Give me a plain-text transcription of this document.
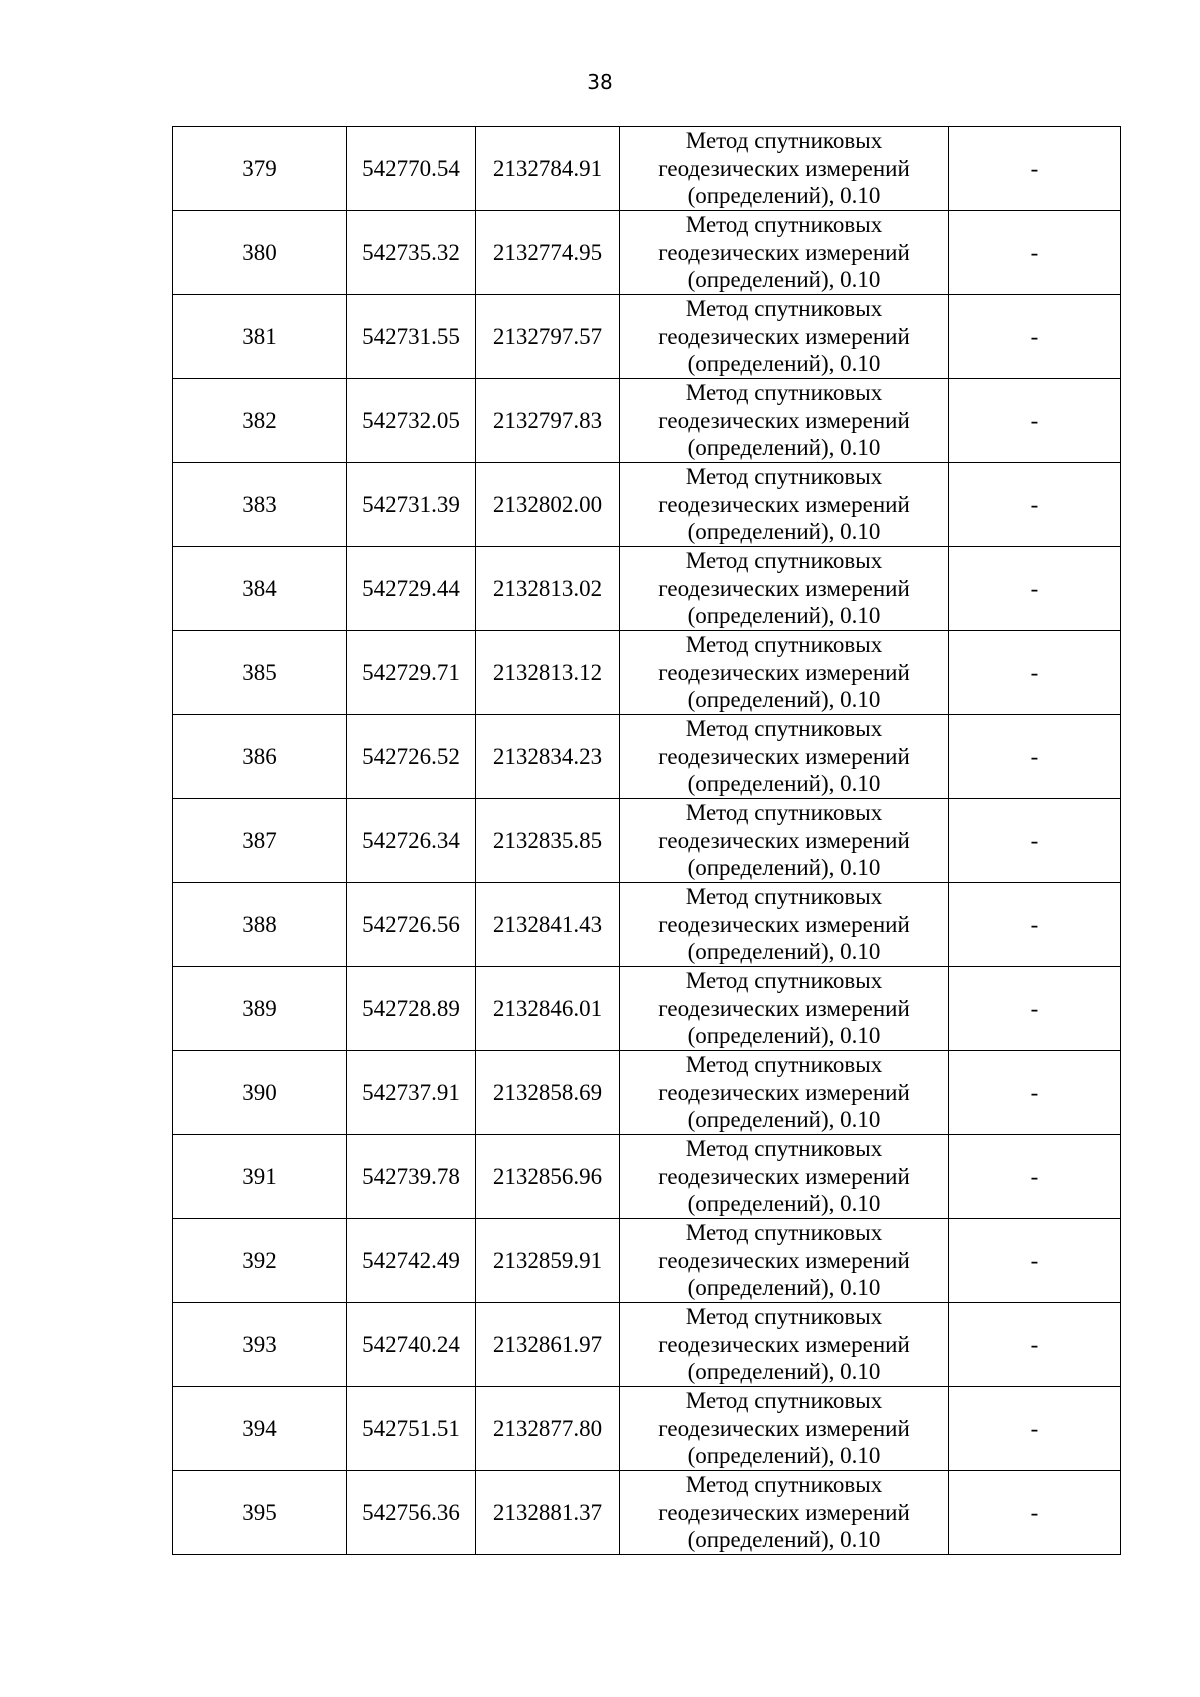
38
379	542770.54	2132784.91	Метод спутниковых
геодезических измерений
(определений), 0.10	-
380	542735.32	2132774.95	Метод спутниковых
геодезических измерений
(определений), 0.10	-
381	542731.55	2132797.57	Метод спутниковых
геодезических измерений
(определений), 0.10	-
382	542732.05	2132797.83	Метод спутниковых
геодезических измерений
(определений), 0.10	-
383	542731.39	2132802.00	Метод спутниковых
геодезических измерений
(определений), 0.10	-
384	542729.44	2132813.02	Метод спутниковых
геодезических измерений
(определений), 0.10	-
385	542729.71	2132813.12	Метод спутниковых
геодезических измерений
(определений), 0.10	-
386	542726.52	2132834.23	Метод спутниковых
геодезических измерений
(определений), 0.10	-
387	542726.34	2132835.85	Метод спутниковых
геодезических измерений
(определений), 0.10	-
388	542726.56	2132841.43	Метод спутниковых
геодезических измерений
(определений), 0.10	-
389	542728.89	2132846.01	Метод спутниковых
геодезических измерений
(определений), 0.10	-
390	542737.91	2132858.69	Метод спутниковых
геодезических измерений
(определений), 0.10	-
391	542739.78	2132856.96	Метод спутниковых
геодезических измерений
(определений), 0.10	-
392	542742.49	2132859.91	Метод спутниковых
геодезических измерений
(определений), 0.10	-
393	542740.24	2132861.97	Метод спутниковых
геодезических измерений
(определений), 0.10	-
394	542751.51	2132877.80	Метод спутниковых
геодезических измерений
(определений), 0.10	-
395	542756.36	2132881.37	Метод спутниковых
геодезических измерений
(определений), 0.10	-
